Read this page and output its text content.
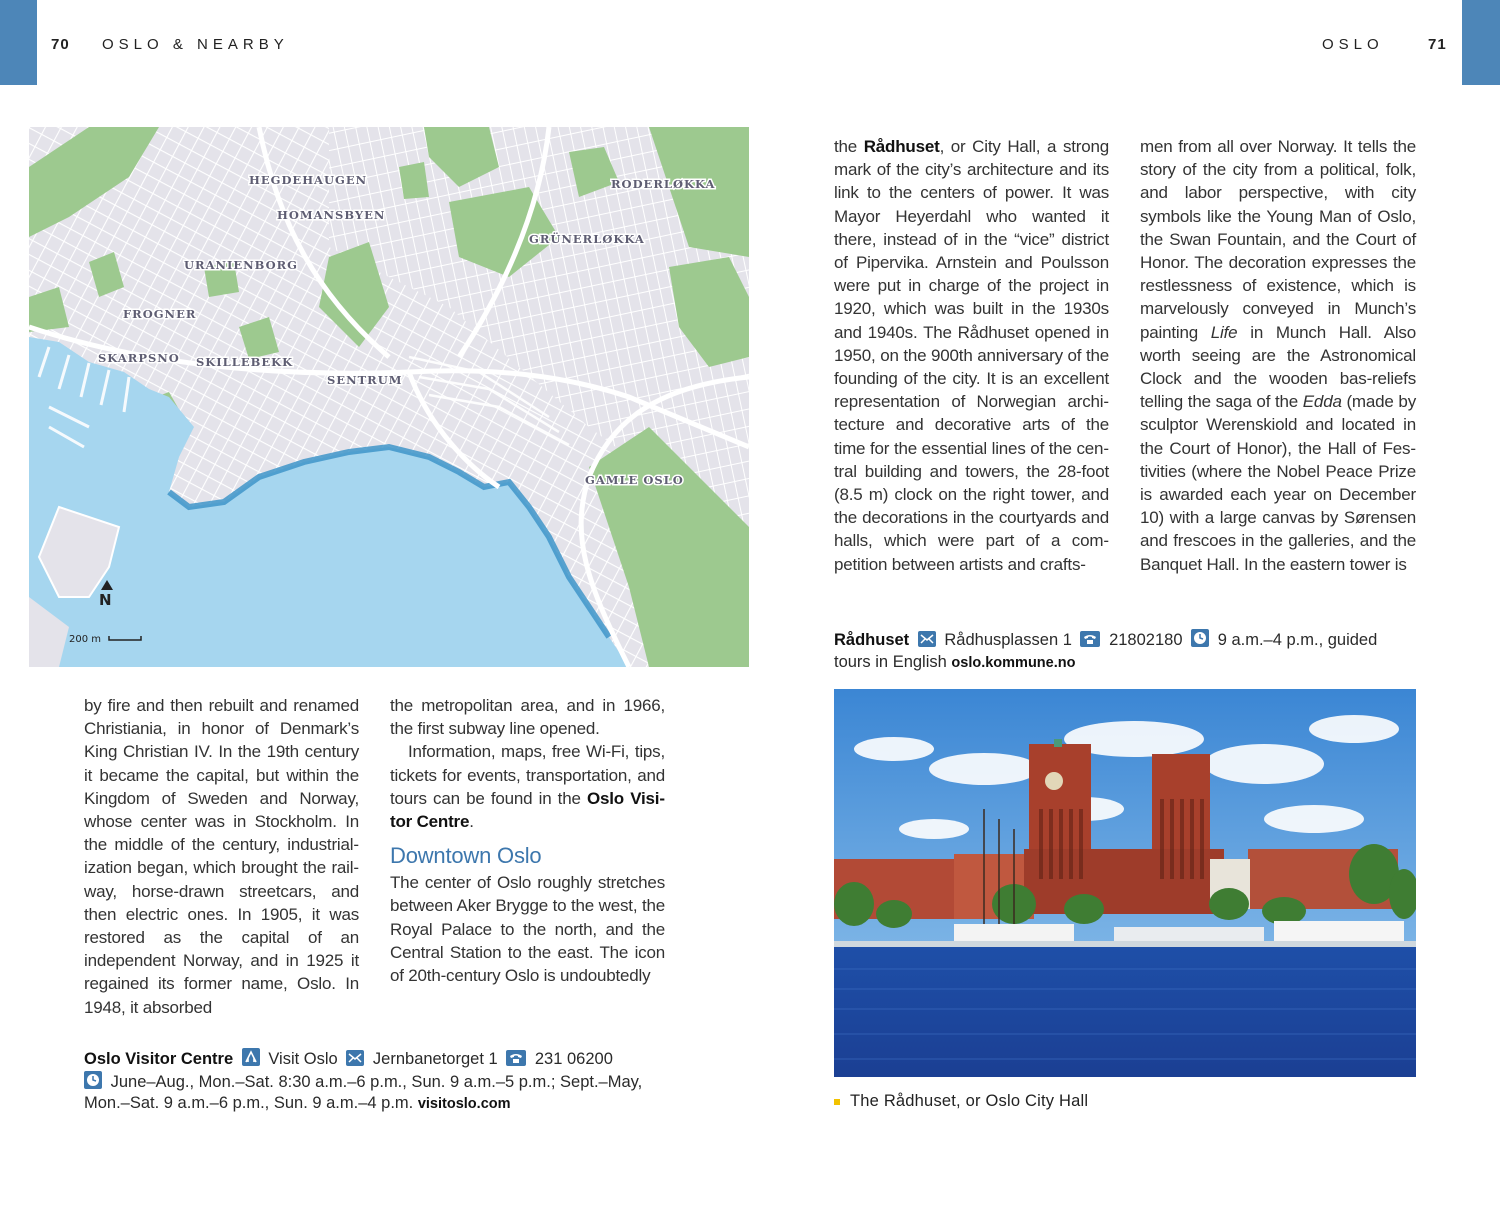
70 OSLO & NEARBY	OSLO	71
HEGDEHAUGEN
HOMANSBYEN
URANIENBORG
FROGNER
SKARPSNO SKILLEBEKK
SENTRUM
RODERLØKKA
GRÜNERLØKKA
GAMLE OSLO
N
200 m

by fire and then rebuilt and renamed Christiania, in honor of Denmark’s King Christian IV. In the 19th century it became the capital, but within the Kingdom of Sweden and Norway, whose center was in Stockholm. In the middle of the century, industrialization began, which brought the railway, horse-drawn streetcars, and then electric ones. In 1905, it was restored as the capital of an independent Norway, and in 1925 it regained its former name, Oslo. In 1948, it absorbed

the metropolitan area, and in 1966, the first subway line opened.

Information, maps, free Wi-Fi, tips, tickets for events, transportation, and tours can be found in the Oslo Visitor Centre.

Downtown Oslo

The center of Oslo roughly stretches between Aker Brygge to the west, the Royal Palace to the north, and the Central Station to the east. The icon of 20th-century Oslo is undoubtedly

Oslo Visitor Centre Visit Oslo Jernbanetorget 1 231 06200
June–Aug., Mon.–Sat. 8:30 a.m.–6 p.m., Sun. 9 a.m.–5 p.m.; Sept.–May, Mon.–Sat. 9 a.m.–6 p.m., Sun. 9 a.m.–4 p.m. visitoslo.com

the Rådhuset, or City Hall, a strong mark of the city’s architecture and its link to the centers of power. It was Mayor Heyerdahl who wanted it there, instead of in the “vice” district of Pipervika. Arnstein and Poulsson were put in charge of the project in 1920, which was built in the 1930s and 1940s. The Rådhuset opened in 1950, on the 900th anniversary of the founding of the city. It is an excellent representation of Norwegian architecture and decorative arts of the time for the essential lines of the central building and towers, the 28-foot (8.5 m) clock on the right tower, and the decorations in the courtyards and halls, which were part of a competition between artists and crafts-

men from all over Norway. It tells the story of the city from a political, folk, and labor perspective, with city symbols like the Young Man of Oslo, the Swan Fountain, and the Court of Honor. The decoration expresses the restlessness of existence, which is marvelously conveyed in Munch’s painting Life in Munch Hall. Also worth seeing are the Astronomical Clock and the wooden bas-reliefs telling the saga of the Edda (made by sculptor Werenskiold and located in the Court of Honor), the Hall of Festivities (where the Nobel Peace Prize is awarded each year on December 10) with a large canvas by Sørensen and frescoes in the galleries, and the Banquet Hall. In the eastern tower is

Rådhuset Rådhusplassen 1 21802180 9 a.m.–4 p.m., guided tours in English oslo.kommune.no
The Rådhuset, or Oslo City Hall
